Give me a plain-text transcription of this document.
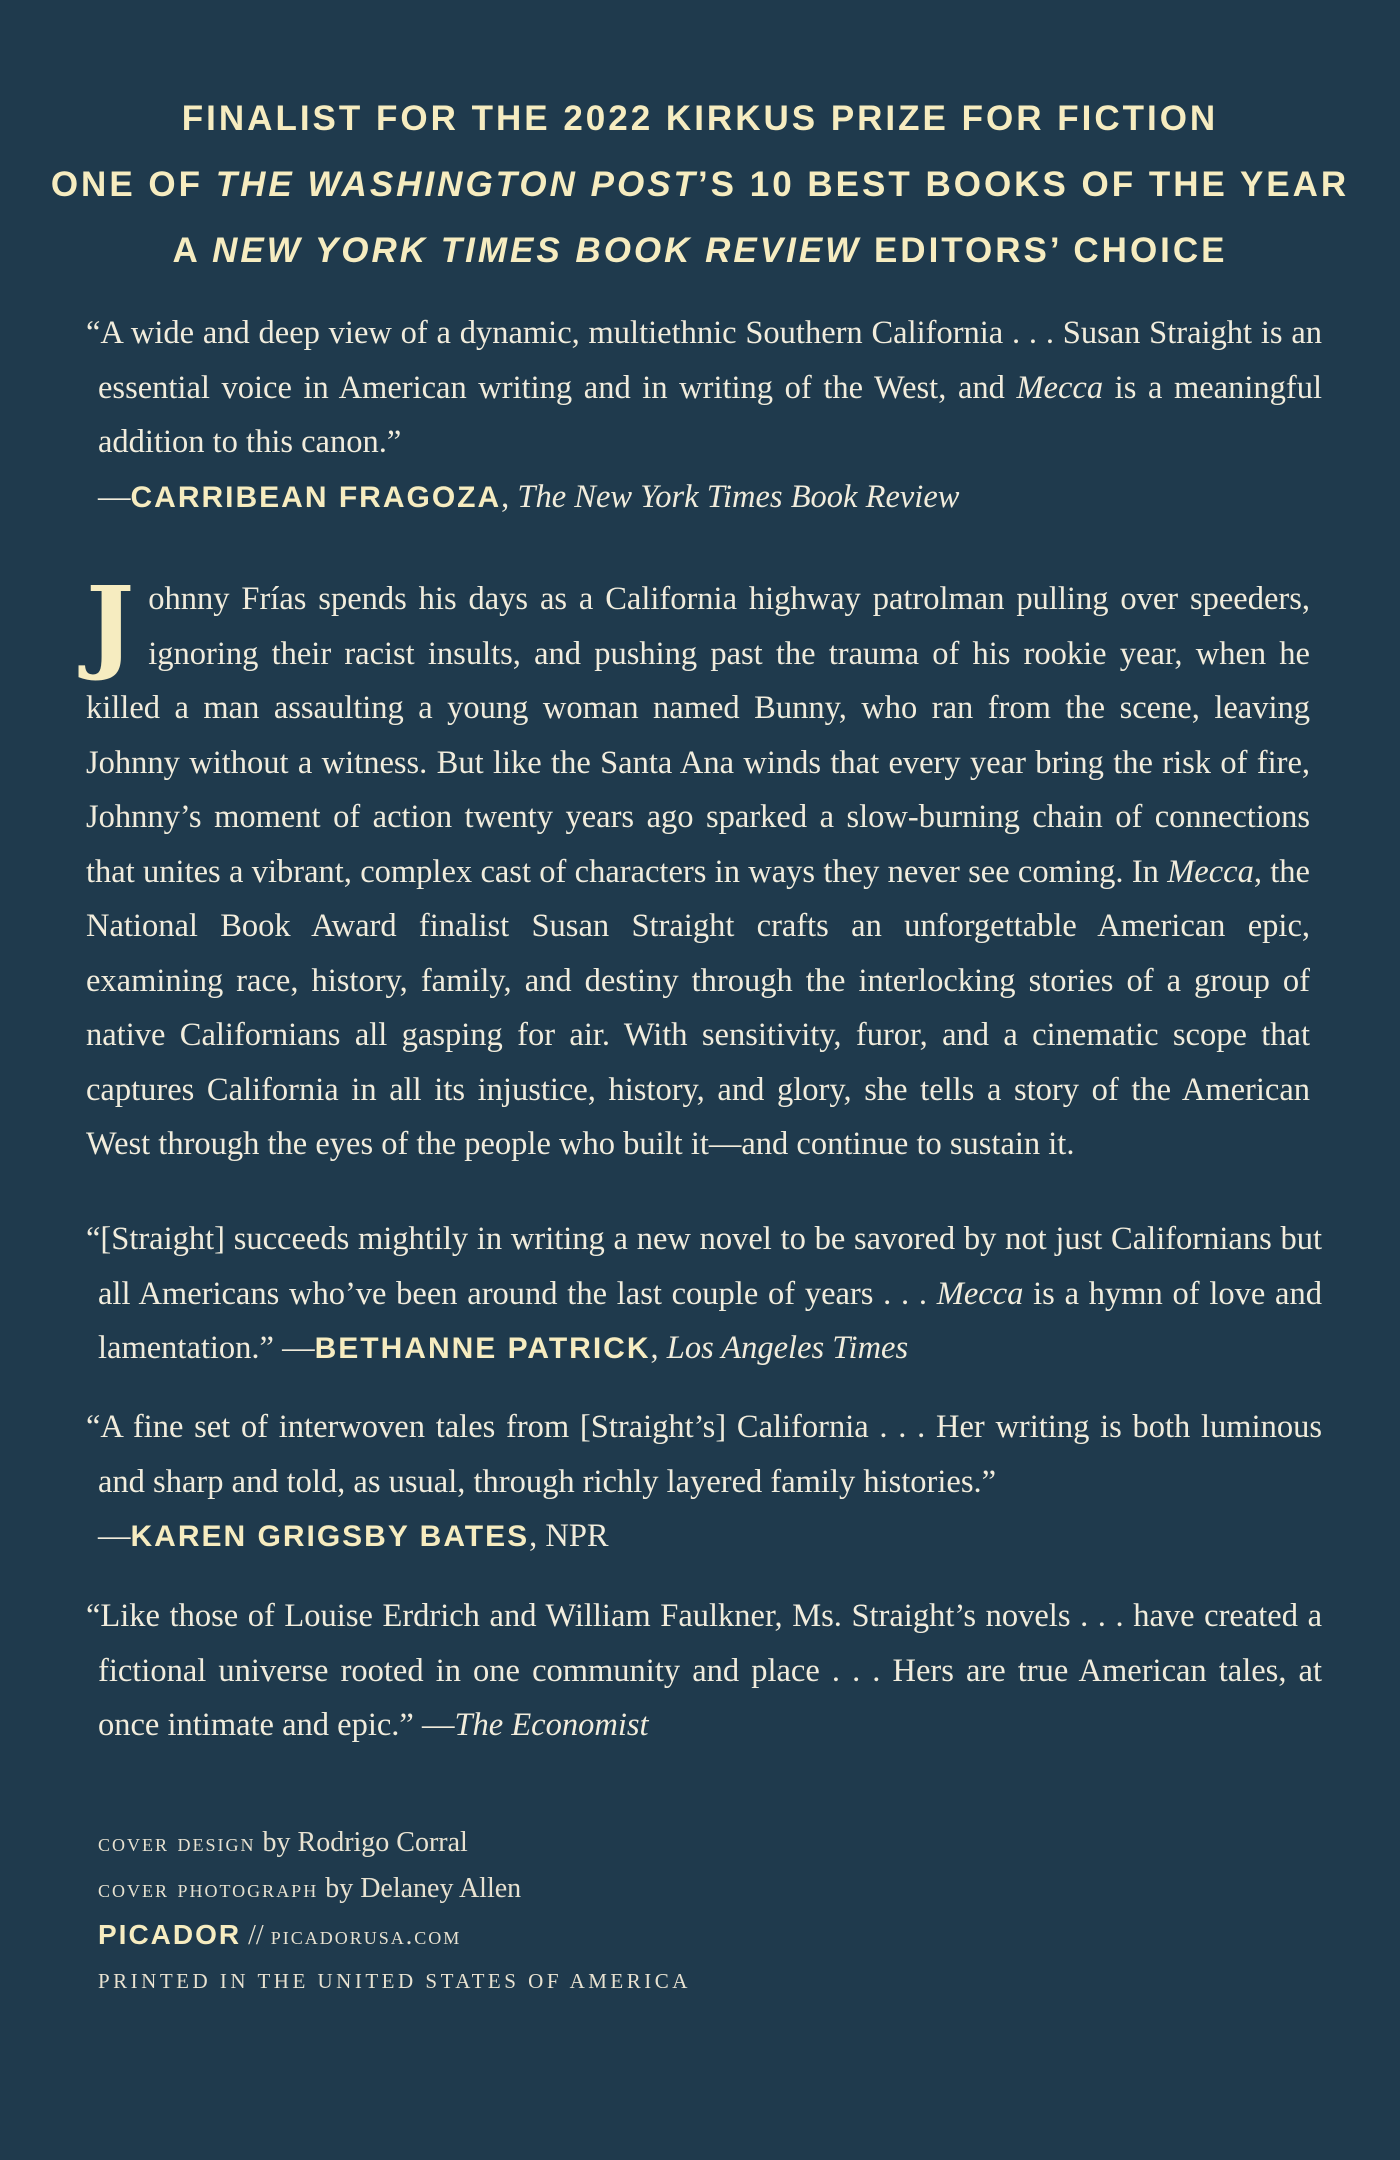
FINALIST FOR THE 2022 KIRKUS PRIZE FOR FICTION
ONE OF THE WASHINGTON POST’S 10 BEST BOOKS OF THE YEAR
A NEW YORK TIMES BOOK REVIEW EDITORS’ CHOICE

“A wide and deep view of a dynamic, multiethnic Southern California . . . Susan Straight is an essential voice in American writing and in writing of the West, and Mecca is a meaningful addition to this canon.”

—CARRIBEAN FRAGOZA, The New York Times Book Review

Johnny Frías spends his days as a California highway patrolman pulling over speeders, ignoring their racist insults, and pushing past the trauma of his rookie year, when he killed a man assaulting a young woman named Bunny, who ran from the scene, leaving Johnny without a witness. But like the Santa Ana winds that every year bring the risk of fire, Johnny’s moment of action twenty years ago sparked a slow-burning chain of connections that unites a vibrant, complex cast of characters in ways they never see coming. In Mecca, the National Book Award finalist Susan Straight crafts an unforgettable American epic, examining race, history, family, and destiny through the interlocking stories of a group of native Californians all gasping for air. With sensitivity, furor, and a cinematic scope that captures California in all its injustice, history, and glory, she tells a story of the American West through the eyes of the people who built it—and continue to sustain it.

“[Straight] succeeds mightily in writing a new novel to be savored by not just Californians but all Americans who’ve been around the last couple of years . . . Mecca is a hymn of love and lamentation.” —BETHANNE PATRICK, Los Angeles Times

“A fine set of interwoven tales from [Straight’s] California . . . Her writing is both luminous and sharp and told, as usual, through richly layered family histories.”

—KAREN GRIGSBY BATES, NPR

“Like those of Louise Erdrich and William Faulkner, Ms. Straight’s novels . . . have created a fictional universe rooted in one community and place . . . Hers are true American tales, at once intimate and epic.” —The Economist

cover design by Rodrigo Corral
cover photograph by Delaney Allen
PICADOR // picadorusa.com
PRINTED IN THE UNITED STATES OF AMERICA
